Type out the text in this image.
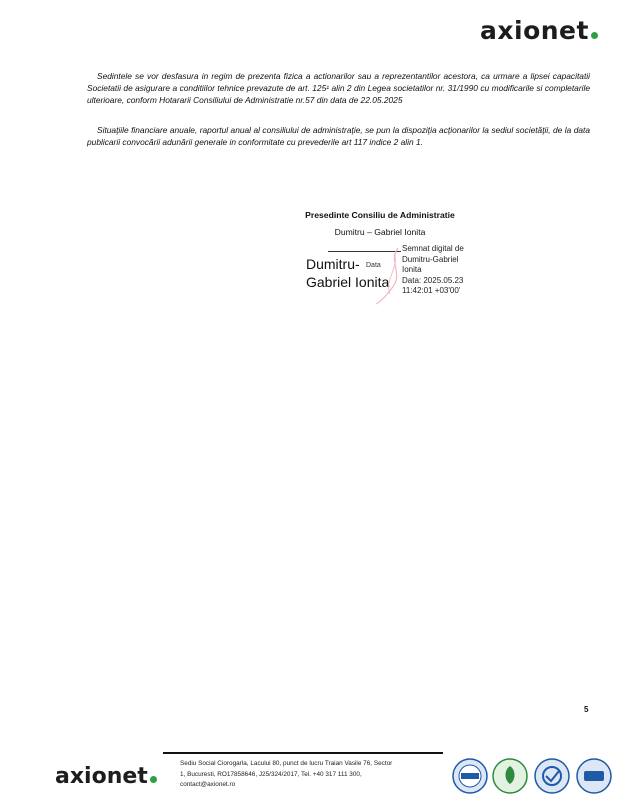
axionet

Sedintele se vor desfasura in regim de prezenta fizica a actionarilor sau a reprezentantilor acestora, ca urmare a lipsei capacitatii Societatii de asigurare a conditiilor tehnice prevazute de art. 125¹ alin 2 din Legea societatilor nr. 31/1990 cu modificarile si completarile ulterioare, conform Hotararii Consiliului de Administratie nr.57 din data de 22.05.2025

Situaţiile financiare anuale, raportul anual al consiliului de administraţie, se pun la dispoziţia acţionarilor la sediul societăţii, de la data publicarii convocării adunării generale in conformitate cu prevederile art 117 indice 2 alin 1.

Presedinte Consiliu de Administratie
Dumitru – Gabriel Ionita
Dumitru-
Gabriel Ionita
Data
Semnat digital de
Dumitru-Gabriel
Ionita
Data: 2025.05.23
11:42:01 +03'00'
5
axionet
Sediu Social Ciorogarla, Lacului 80, punct de lucru Traian Vasile 76, Sector
1, Bucuresti, RO17858646, J25/324/2017, Tel. +40 317 111 300,
contact@axionet.ro
